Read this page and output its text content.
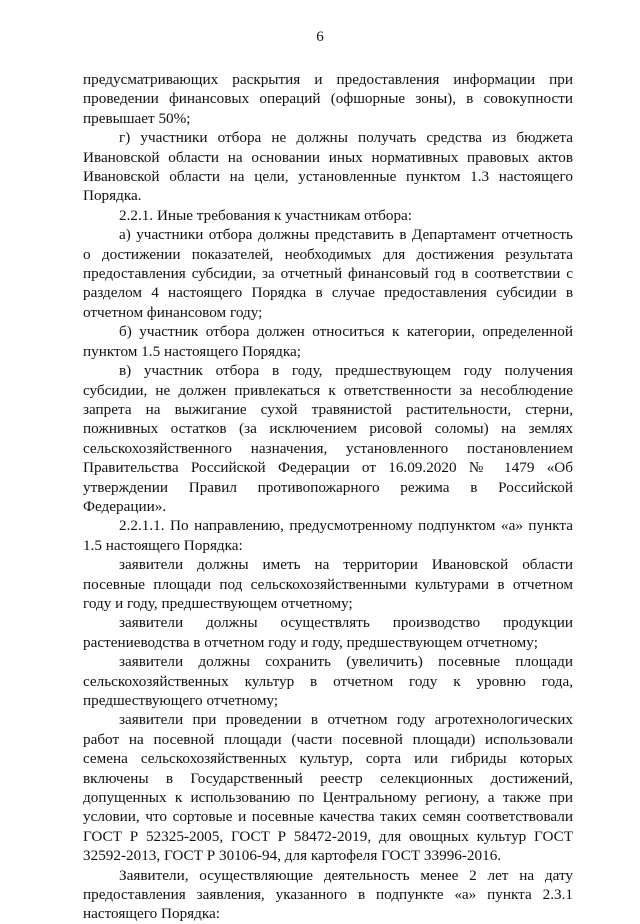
6

предусматривающих раскрытия и предоставления информации при проведении финансовых операций (офшорные зоны), в совокупности превышает 50%;

г) участники отбора не должны получать средства из бюджета Ивановской области на основании иных нормативных правовых актов Ивановской области на цели, установленные пунктом 1.3 настоящего Порядка.

2.2.1. Иные требования к участникам отбора:

а) участники отбора должны представить в Департамент отчетность о достижении показателей, необходимых для достижения результата предоставления субсидии, за отчетный финансовый год в соответствии с разделом 4 настоящего Порядка в случае предоставления субсидии в отчетном финансовом году;

б) участник отбора должен относиться к категории, определенной пунктом 1.5 настоящего Порядка;

в) участник отбора в году, предшествующем году получения субсидии, не должен привлекаться к ответственности за несоблюдение запрета на выжигание сухой травянистой растительности, стерни, пожнивных остатков (за исключением рисовой соломы) на землях сельскохозяйственного назначения, установленного постановлением Правительства Российской Федерации от 16.09.2020 № 1479 «Об утверждении Правил противопожарного режима в Российской Федерации».

2.2.1.1. По направлению, предусмотренному подпунктом «а» пункта 1.5 настоящего Порядка:

заявители должны иметь на территории Ивановской области посевные площади под сельскохозяйственными культурами в отчетном году и году, предшествующем отчетному;

заявители должны осуществлять производство продукции растениеводства в отчетном году и году, предшествующем отчетному;

заявители должны сохранить (увеличить) посевные площади сельскохозяйственных культур в отчетном году к уровню года, предшествующего отчетному;

заявители при проведении в отчетном году агротехнологических работ на посевной площади (части посевной площади) использовали семена сельскохозяйственных культур, сорта или гибриды которых включены в Государственный реестр селекционных достижений, допущенных к использованию по Центральному региону, а также при условии, что сортовые и посевные качества таких семян соответствовали ГОСТ Р 52325-2005, ГОСТ Р 58472-2019, для овощных культур ГОСТ 32592-2013, ГОСТ Р 30106-94, для картофеля ГОСТ 33996-2016.

Заявители, осуществляющие деятельность менее 2 лет на дату предоставления заявления, указанного в подпункте «а» пункта 2.3.1 настоящего Порядка:
